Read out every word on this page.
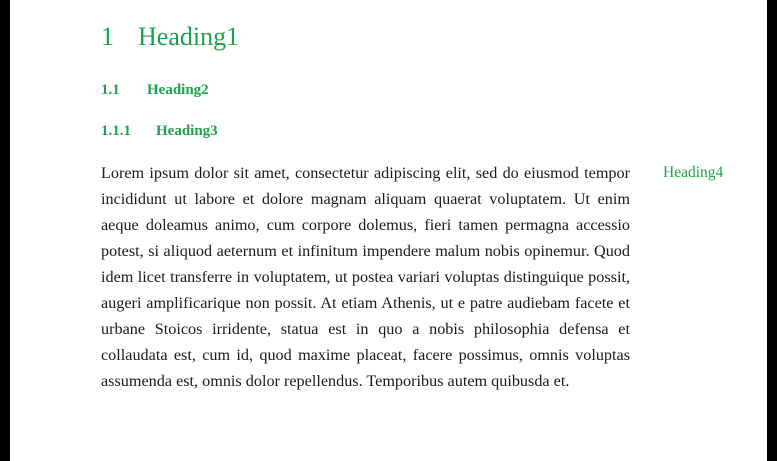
1 Heading1
1.1 Heading2
1.1.1 Heading3

Lorem ipsum dolor sit amet, consectetur adipiscing elit, sed do eiusmod tempor incididunt ut labore et dolore magnam aliquam quaerat voluptatem. Ut enim aeque doleamus animo, cum corpore dolemus, fieri tamen permagna accessio potest, si aliquod aeternum et infinitum impendere malum nobis opinemur. Quod idem licet transferre in voluptatem, ut postea variari voluptas distinguique possit, augeri amplificarique non possit. At etiam Athenis, ut e patre audiebam facete et urbane Stoicos irridente, statua est in quo a nobis philosophia defensa et collaudata est, cum id, quod maxime placeat, facere possimus, omnis voluptas assumenda est, omnis dolor repellendus. Temporibus autem quibusda et.

Heading4
